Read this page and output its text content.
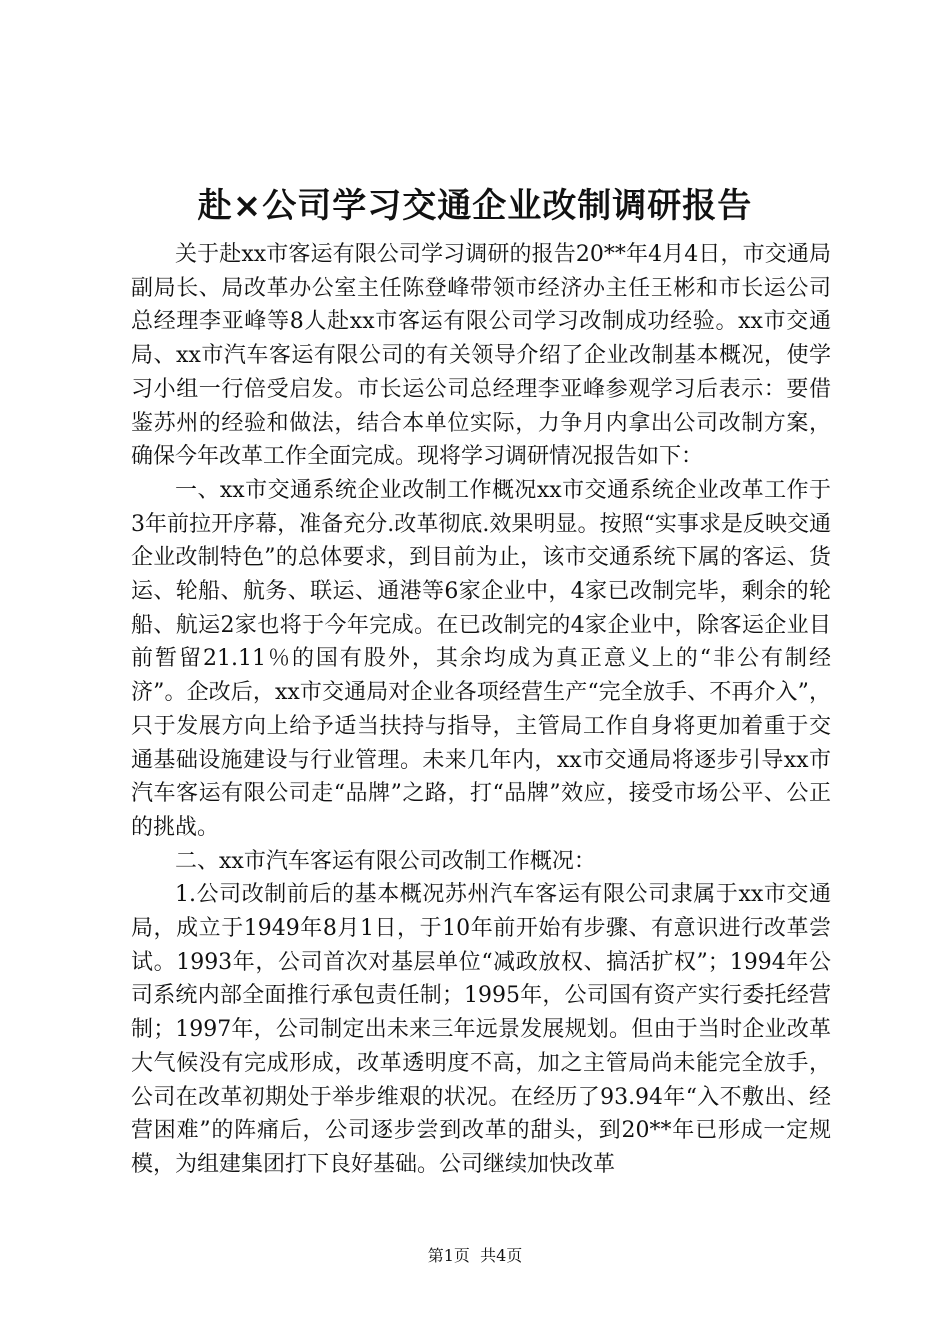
赴×公司学习交通企业改制调研报告

关于赴xx市客运有限公司学习调研的报告20**年4月4日，市交通局副局长、局改革办公室主任陈登峰带领市经济办主任王彬和市长运公司总经理李亚峰等8人赴xx市客运有限公司学习改制成功经验。xx市交通局、xx市汽车客运有限公司的有关领导介绍了企业改制基本概况，使学习小组一行倍受启发。市长运公司总经理李亚峰参观学习后表示：要借鉴苏州的经验和做法，结合本单位实际，力争月内拿出公司改制方案，确保今年改革工作全面完成。现将学习调研情况报告如下：

一、xx市交通系统企业改制工作概况xx市交通系统企业改革工作于3年前拉开序幕，准备充分.改革彻底.效果明显。按照“实事求是反映交通企业改制特色”的总体要求，到目前为止，该市交通系统下属的客运、货运、轮船、航务、联运、通港等6家企业中，4家已改制完毕，剩余的轮船、航运2家也将于今年完成。在已改制完的4家企业中，除客运企业目前暂留21.11％的国有股外，其余均成为真正意义上的“非公有制经济”。企改后，xx市交通局对企业各项经营生产“完全放手、不再介入”，只于发展方向上给予适当扶持与指导，主管局工作自身将更加着重于交通基础设施建设与行业管理。未来几年内，xx市交通局将逐步引导xx市汽车客运有限公司走“品牌”之路，打“品牌”效应，接受市场公平、公正的挑战。

二、xx市汽车客运有限公司改制工作概况：

1.公司改制前后的基本概况苏州汽车客运有限公司隶属于xx市交通局，成立于1949年8月1日，于10年前开始有步骤、有意识进行改革尝试。1993年，公司首次对基层单位“减政放权、搞活扩权”；1994年公司系统内部全面推行承包责任制；1995年，公司国有资产实行委托经营制；1997年，公司制定出未来三年远景发展规划。但由于当时企业改革大气候没有完成形成，改革透明度不高，加之主管局尚未能完全放手，公司在改革初期处于举步维艰的状况。在经历了93.94年“入不敷出、经营困难”的阵痛后，公司逐步尝到改革的甜头，到20**年已形成一定规模，为组建集团打下良好基础。公司继续加快改革

第1页 共4页
